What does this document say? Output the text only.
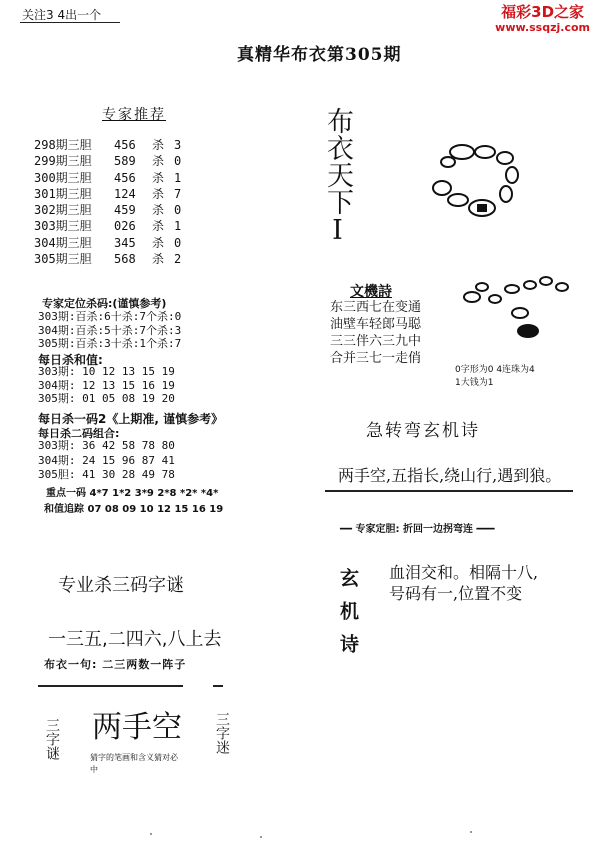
关注3 4出一个	福彩3D之家
www.ssqzj.com
真精华布衣第305期
专家推荐
298期三胆 456 杀 3
299期三胆 589 杀 0
300期三胆 456 杀 1
301期三胆 124 杀 7
302期三胆 459 杀 0
303期三胆 026 杀 1
304期三胆 345 杀 0
305期三胆 568 杀 2
专家定位杀码:(谨慎参考)
303期:百杀:6十杀:7个杀:0
304期:百杀:5十杀:7个杀:3
305期:百杀:3十杀:1个杀:7
每日杀和值:
303期: 10 12 13 15 19
304期: 12 13 15 16 19
305期: 01 05 08 19 20
每日杀一码2《上期准, 谨慎参考》
每日杀二码组合:
303期: 36 42 58 78 80
304期: 24 15 96 87 41
305胆: 41 30 28 49 78
重点一码 4*7 1*2 3*9 2*8 *2* *4*
和值追踪 07 08 09 10 12 15 16 19
专业杀三码字谜
一三五,二四六,八上去
布衣一句: 二三两数一阵子
三字谜 两手空
猜字的笔画和含义猜对必中
三字迷
布衣天下I
文機詩
东三西七在变通
油壁车轻郎马聪
三三伴六三九中
合并三七一走俏
0字形为0 4连珠为4
1大钱为1
急转弯玄机诗
两手空,五指长,绕山行,遇到狼。
━━ 专家定胆: 折回一边拐弯连 ━━━
玄机诗 血泪交和。相隔十八,
号码有一,位置不变
